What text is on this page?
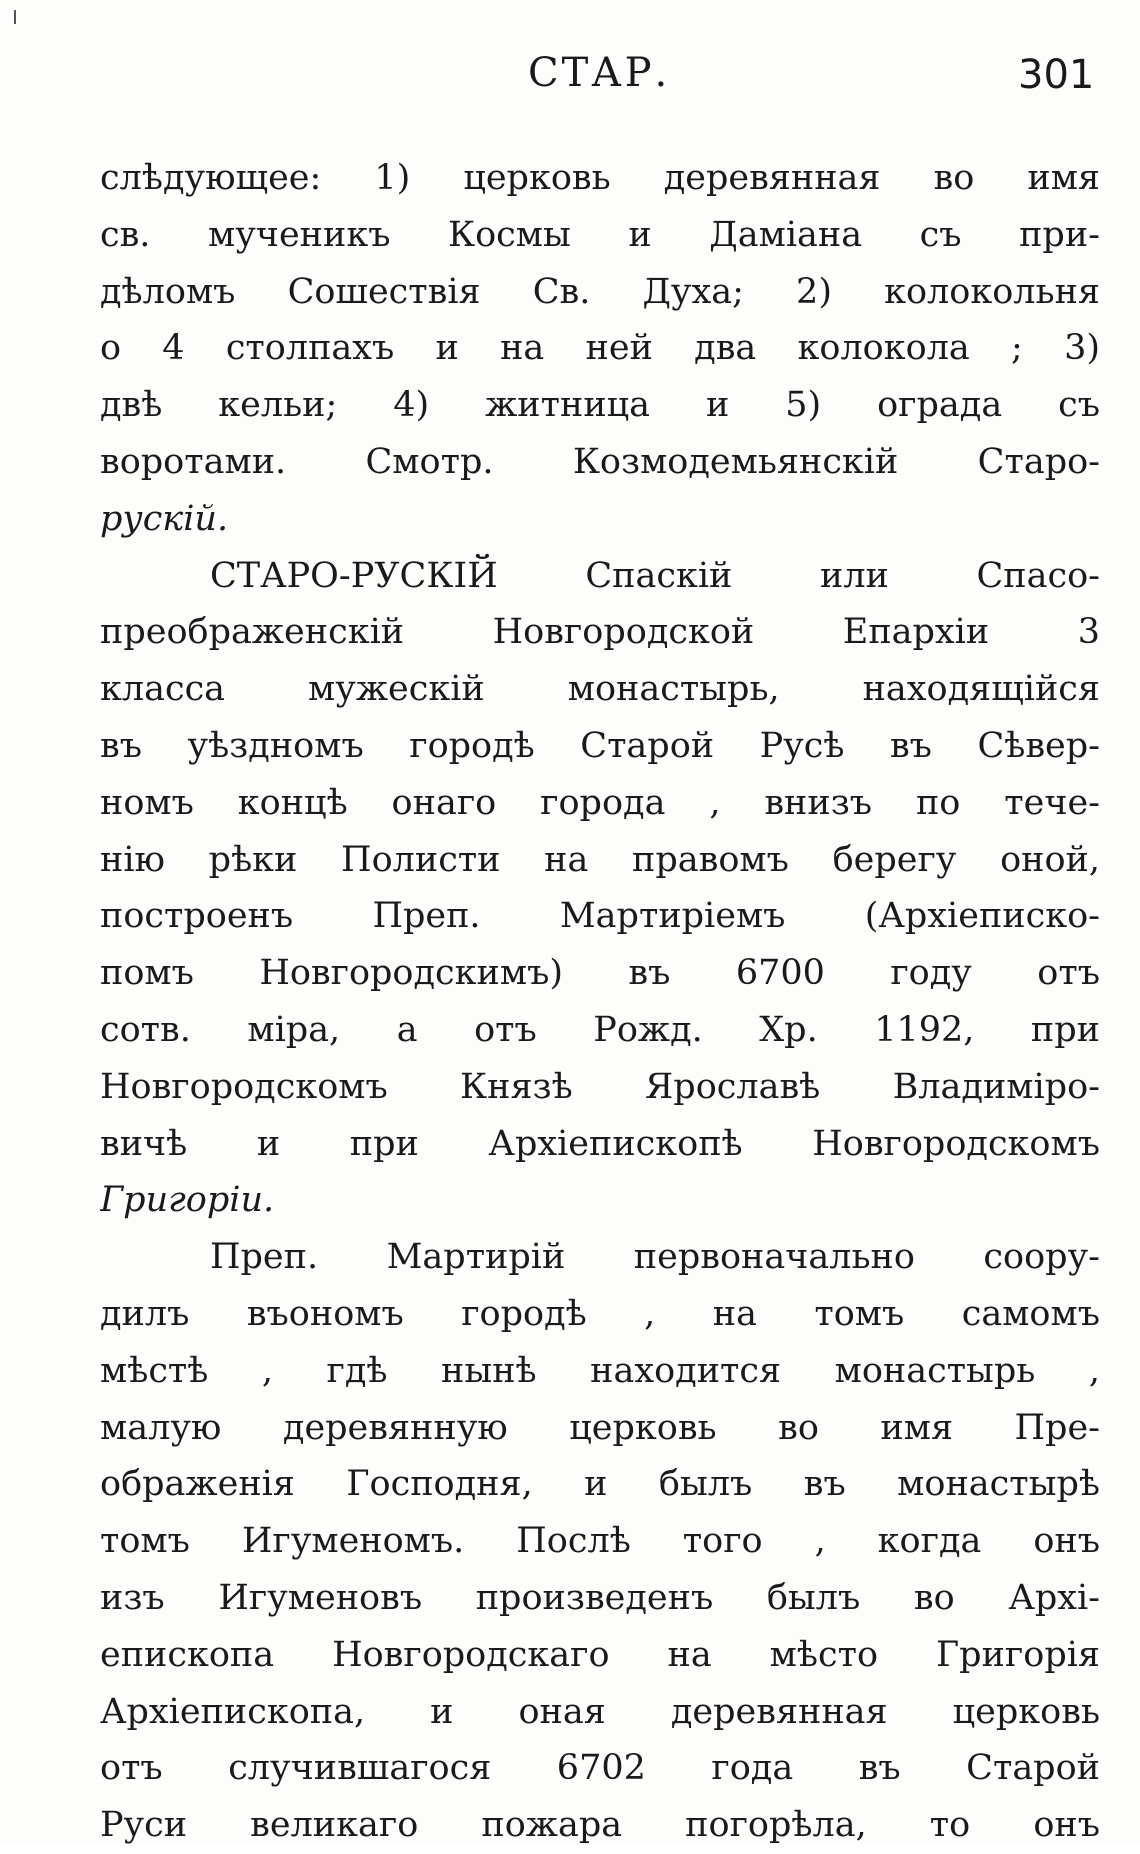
СТАР.	301
слѣдующее: 1) церковь деревянная во имя
св. мученикъ Космы и Даміана съ при-
дѣломъ Сошествія Св. Духа; 2) колокольня
о 4 столпахъ и на ней два колокола ; 3)
двѣ кельи; 4) житница и 5) ограда съ
воротами. Смотр. Козмодемьянскій Старо-
рускій.
СТАРО-РУСКІЙ Спаскій или Спасо-
преображенскій Новгородской Епархіи 3
класса мужескій монастырь, находящійся
въ уѣздномъ городѣ Старой Русѣ въ Сѣвер-
номъ концѣ онаго города , внизъ по тече-
нію рѣки Полисти на правомъ берегу оной,
построенъ Преп. Мартиріемъ (Архіеписко-
помъ Новгородскимъ) въ 6700 году отъ
сотв. міра, а отъ Рожд. Хр. 1192, при
Новгородскомъ Князѣ Ярославѣ Владиміро-
вичѣ и при Архіепископѣ Новгородскомъ
Григоріи.
Преп. Мартирій первоначально соору-
дилъ въономъ городѣ , на томъ самомъ
мѣстѣ , гдѣ нынѣ находится монастырь ,
малую деревянную церковь во имя Пре-
ображенія Господня, и былъ въ монастырѣ
томъ Игуменомъ. Послѣ того , когда онъ
изъ Игуменовъ произведенъ былъ во Архі-
епископа Новгородскаго на мѣсто Григорія
Архіепископа, и оная деревянная церковь
отъ случившагося 6702 года въ Старой
Руси великаго пожара погорѣла, то онъ
